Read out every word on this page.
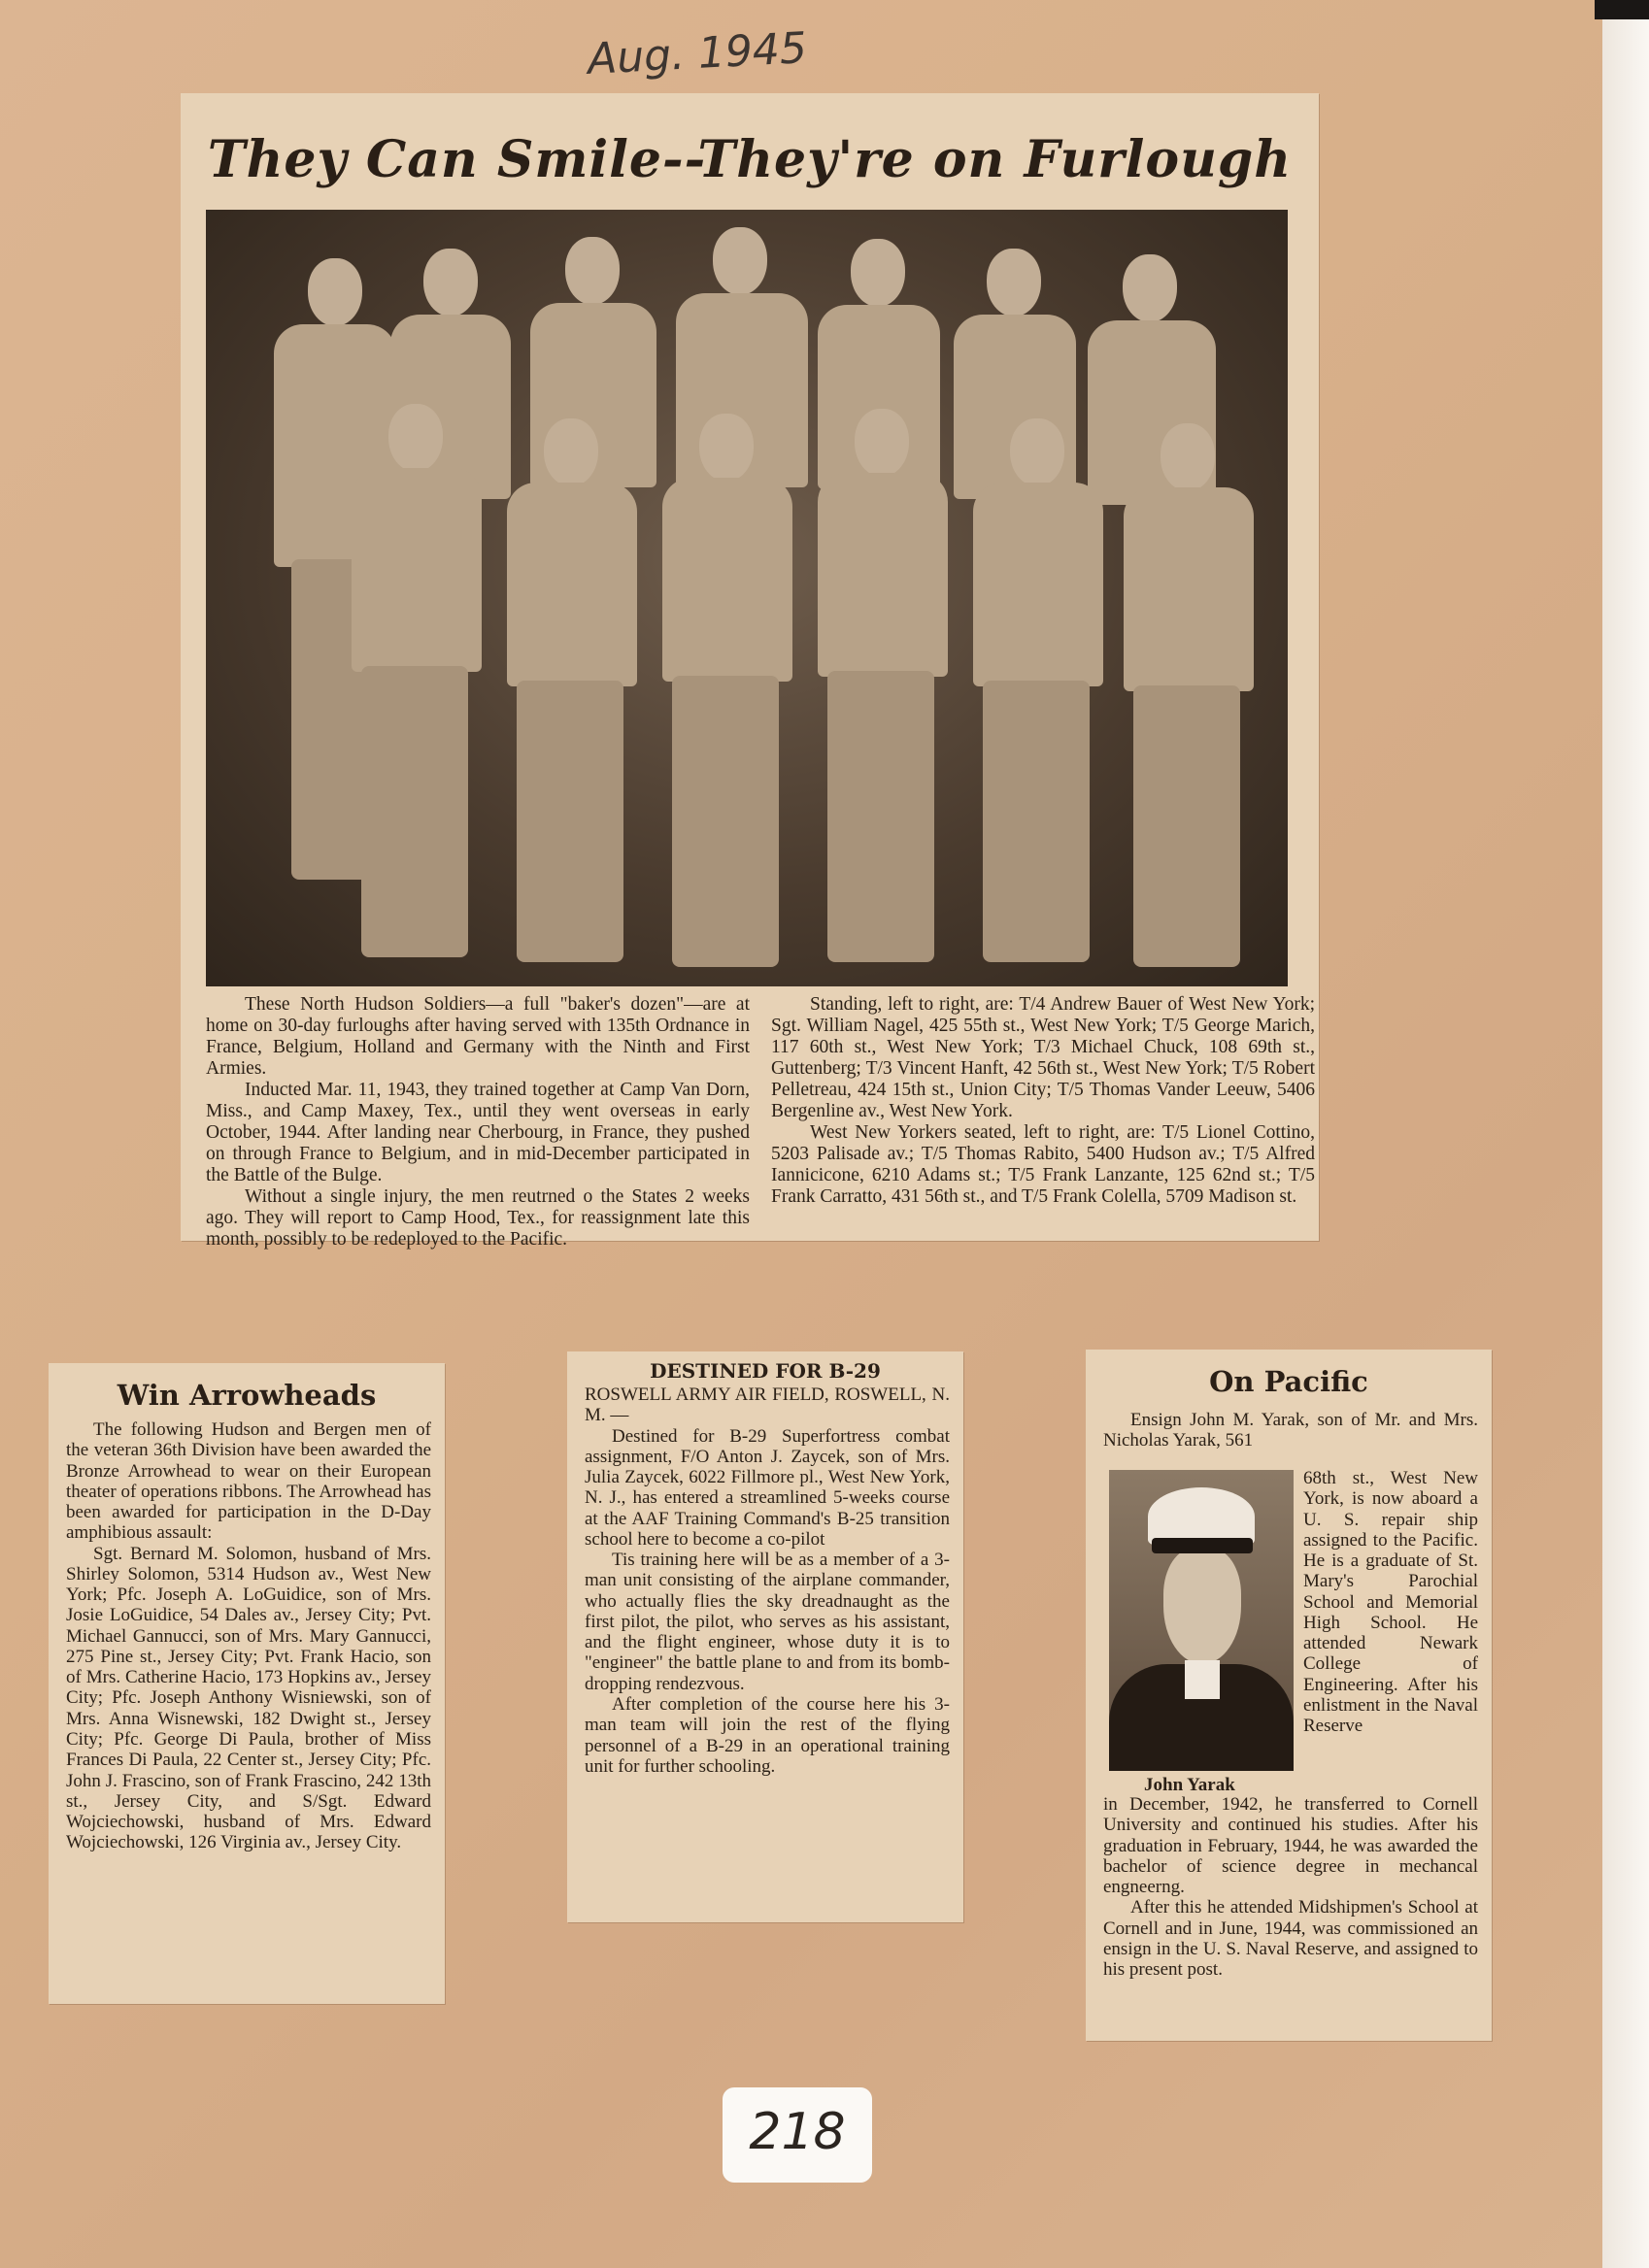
Aug. 1945
They Can Smile--They're on Furlough

These North Hudson Soldiers—a full "baker's dozen"—are at home on 30-day furloughs after having served with 135th Ordnance in France, Belgium, Holland and Germany with the Ninth and First Armies.

Inducted Mar. 11, 1943, they trained together at Camp Van Dorn, Miss., and Camp Maxey, Tex., until they went overseas in early October, 1944. After landing near Cherbourg, in France, they pushed on through France to Belgium, and in mid-December participated in the Battle of the Bulge.

Without a single injury, the men reutrned o the States 2 weeks ago. They will report to Camp Hood, Tex., for reassignment late this month, possibly to be redeployed to the Pacific.

Standing, left to right, are: T/4 Andrew Bauer of West New York; Sgt. William Nagel, 425 55th st., West New York; T/5 George Marich, 117 60th st., West New York; T/3 Michael Chuck, 108 69th st., Guttenberg; T/3 Vincent Hanft, 42 56th st., West New York; T/5 Robert Pelletreau, 424 15th st., Union City; T/5 Thomas Vander Leeuw, 5406 Bergenline av., West New York.

West New Yorkers seated, left to right, are: T/5 Lionel Cottino, 5203 Palisade av.; T/5 Thomas Rabito, 5400 Hudson av.; T/5 Alfred Iannicicone, 6210 Adams st.; T/5 Frank Lanzante, 125 62nd st.; T/5 Frank Carratto, 431 56th st., and T/5 Frank Colella, 5709 Madison st.

Win Arrowheads

The following Hudson and Bergen men of the veteran 36th Division have been awarded the Bronze Arrowhead to wear on their European theater of operations ribbons. The Arrowhead has been awarded for participation in the D-Day amphibious assault:

Sgt. Bernard M. Solomon, husband of Mrs. Shirley Solomon, 5314 Hudson av., West New York; Pfc. Joseph A. LoGuidice, son of Mrs. Josie LoGuidice, 54 Dales av., Jersey City; Pvt. Michael Gannucci, son of Mrs. Mary Gannucci, 275 Pine st., Jersey City; Pvt. Frank Hacio, son of Mrs. Catherine Hacio, 173 Hopkins av., Jersey City; Pfc. Joseph Anthony Wisniewski, son of Mrs. Anna Wisnewski, 182 Dwight st., Jersey City; Pfc. George Di Paula, brother of Miss Frances Di Paula, 22 Center st., Jersey City; Pfc. John J. Frascino, son of Frank Frascino, 242 13th st., Jersey City, and S/Sgt. Edward Wojciechowski, husband of Mrs. Edward Wojciechowski, 126 Virginia av., Jersey City.

DESTINED FOR B-29

ROSWELL ARMY AIR FIELD, ROSWELL, N. M. —

Destined for B-29 Superfortress combat assignment, F/O Anton J. Zaycek, son of Mrs. Julia Zaycek, 6022 Fillmore pl., West New York, N. J., has entered a streamlined 5-weeks course at the AAF Training Command's B-25 transition school here to become a co-pilot

Tis training here will be as a member of a 3-man unit consisting of the airplane commander, who actually flies the sky dreadnaught as the first pilot, the pilot, who serves as his assistant, and the flight engineer, whose duty it is to "engineer" the battle plane to and from its bomb-dropping rendezvous.

After completion of the course here his 3-man team will join the rest of the flying personnel of a B-29 in an operational training unit for further schooling.

On Pacific
Ensign John M. Yarak, son of Mr. and Mrs. Nicholas Yarak, 561
John Yarak
68th st., West New York, is now aboard a U. S. repair ship assigned to the Pacific. He is a graduate of St. Mary's Parochial School and Memorial High School. He attended Newark College of Engineering. After his enlistment in the Naval Reserve

in December, 1942, he transferred to Cornell University and continued his studies. After his graduation in February, 1944, he was awarded the bachelor of science degree in mechancal engneerng.

After this he attended Midshipmen's School at Cornell and in June, 1944, was commissioned an ensign in the U. S. Naval Reserve, and assigned to his present post.

218
